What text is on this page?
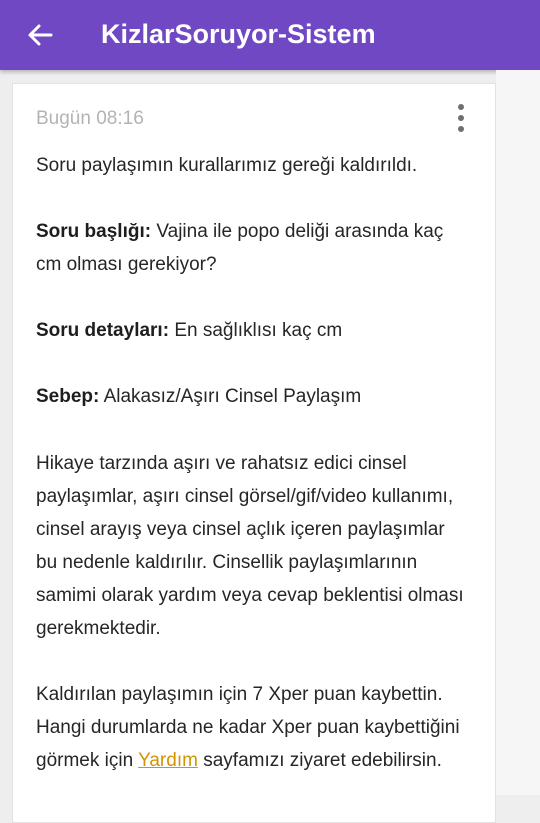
KizlarSoruyor-Sistem
Bugün 08:16
Soru paylaşımın kurallarımız gereği kaldırıldı.
Soru başlığı: Vajina ile popo deliği arasında kaç cm olması gerekiyor?
Soru detayları: En sağlıklısı kaç cm
Sebep: Alakasız/Aşırı Cinsel Paylaşım
Hikaye tarzında aşırı ve rahatsız edici cinsel paylaşımlar, aşırı cinsel görsel/gif/video kullanımı, cinsel arayış veya cinsel açlık içeren paylaşımlar bu nedenle kaldırılır. Cinsellik paylaşımlarının samimi olarak yardım veya cevap beklentisi olması gerekmektedir.
Kaldırılan paylaşımın için 7 Xper puan kaybettin. Hangi durumlarda ne kadar Xper puan kaybettiğini görmek için Yardım sayfamızı ziyaret edebilirsin.
